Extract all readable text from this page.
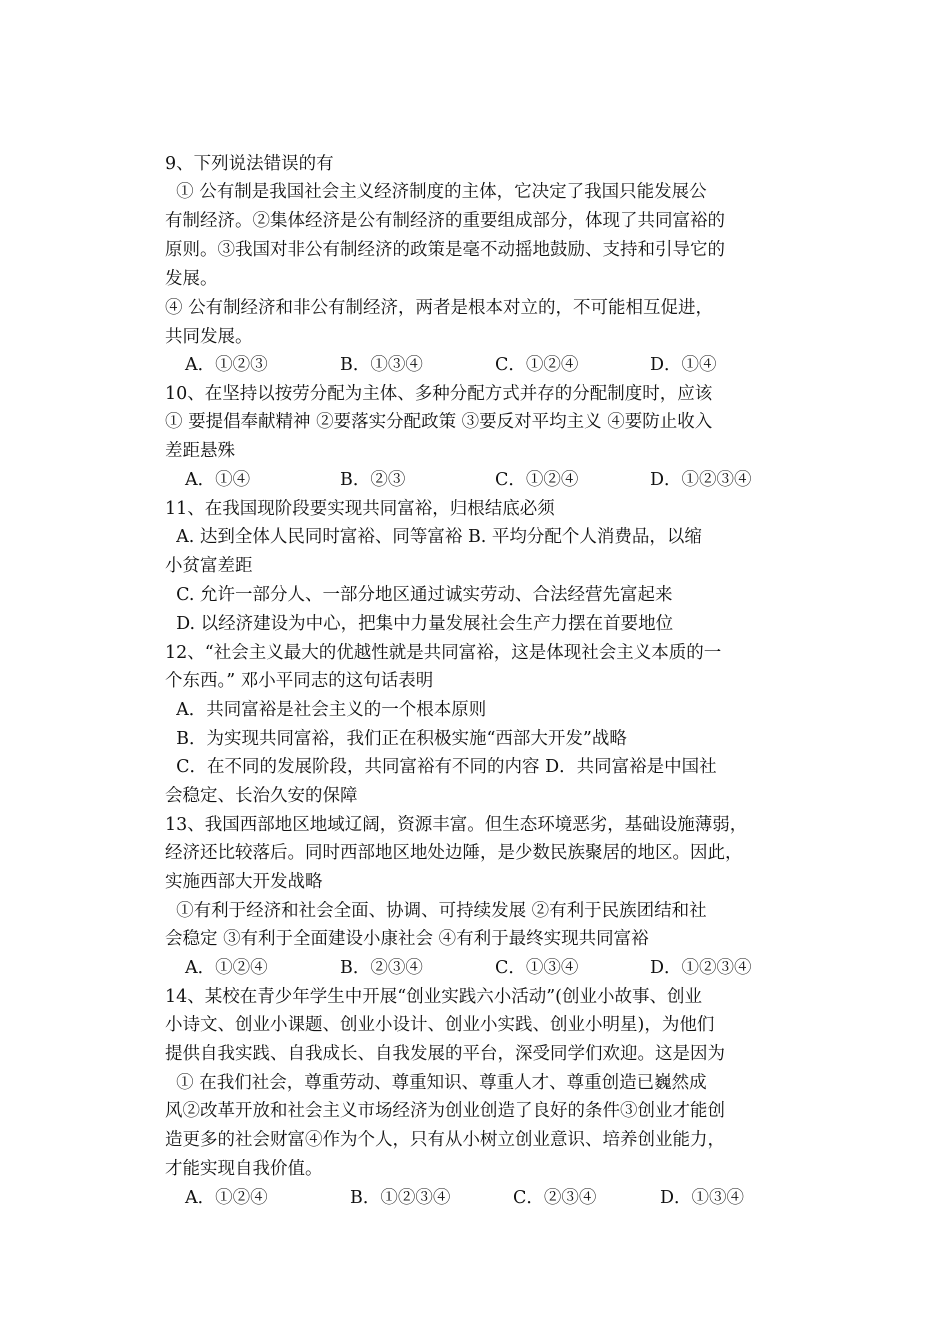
9、下列说法错误的有
① 公有制是我国社会主义经济制度的主体，它决定了我国只能发展公
有制经济。②集体经济是公有制经济的重要组成部分，体现了共同富裕的
原则。③我国对非公有制经济的政策是毫不动摇地鼓励、支持和引导它的
发展。
④ 公有制经济和非公有制经济，两者是根本对立的，不可能相互促进，
共同发展。
A．①②③	B．①③④	C．①②④	D．①④
10、在坚持以按劳分配为主体、多种分配方式并存的分配制度时，应该
① 要提倡奉献精神 ②要落实分配政策 ③要反对平均主义 ④要防止收入
差距悬殊
A．①④	B．②③	C．①②④	D．①②③④
11、在我国现阶段要实现共同富裕，归根结底必须
A. 达到全体人民同时富裕、同等富裕 B. 平均分配个人消费品，以缩
小贫富差距
C. 允许一部分人、一部分地区通过诚实劳动、合法经营先富起来
D. 以经济建设为中心，把集中力量发展社会生产力摆在首要地位
12、“社会主义最大的优越性就是共同富裕，这是体现社会主义本质的一
个东西。” 邓小平同志的这句话表明
A．共同富裕是社会主义的一个根本原则
B．为实现共同富裕，我们正在积极实施“西部大开发”战略
C．在不同的发展阶段，共同富裕有不同的内容 D．共同富裕是中国社
会稳定、长治久安的保障
13、我国西部地区地域辽阔，资源丰富。但生态环境恶劣，基础设施薄弱，
经济还比较落后。同时西部地区地处边陲，是少数民族聚居的地区。因此，
实施西部大开发战略
①有利于经济和社会全面、协调、可持续发展 ②有利于民族团结和社
会稳定 ③有利于全面建设小康社会 ④有利于最终实现共同富裕
A．①②④	B．②③④	C．①③④	D．①②③④
14、某校在青少年学生中开展“创业实践六小活动”(创业小故事、创业
小诗文、创业小课题、创业小设计、创业小实践、创业小明星)，为他们
提供自我实践、自我成长、自我发展的平台，深受同学们欢迎。这是因为
① 在我们社会，尊重劳动、尊重知识、尊重人才、尊重创造已巍然成
风②改革开放和社会主义市场经济为创业创造了良好的条件③创业才能创
造更多的社会财富④作为个人，只有从小树立创业意识、培养创业能力，
才能实现自我价值。
A．①②④	B．①②③④	C．②③④	D．①③④
